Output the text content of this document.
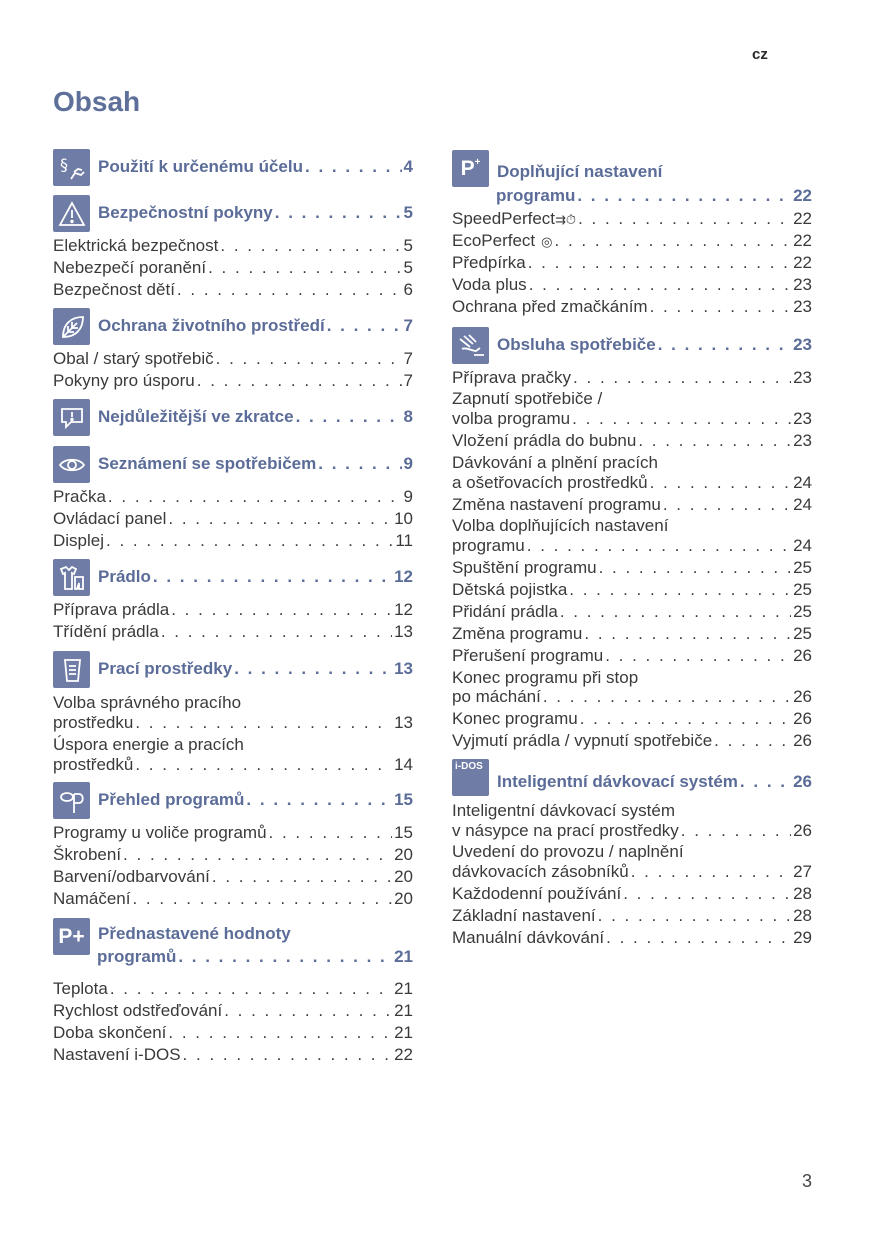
cz
Obsah
§ Použití k určenému účelu . . .	4
Bezpečnostní pokyny . . .	5
Elektrická bezpečnost . . .	5
Nebezpečí poranění . . .	5
Bezpečnost dětí . . .	6
Ochrana životního prostředí . . .	7
Obal / starý spotřebič . . .	7
Pokyny pro úsporu . . .	7
Nejdůležitější ve zkratce . . .	8
Seznámení se spotřebičem . . .	9
Pračka . . .	9
Ovládací panel . . .	10
Displej . . .	11
Prádlo . . .	12
Příprava prádla . . .	12
Třídění prádla . . .	13
Prací prostředky . . .	13
Volba správného pracího
prostředku . . .	13
Úspora energie a pracích
prostředků . . .	14
Přehled programů . . .	15
Programy u voliče programů . . .	15
Škrobení . . .	20
Barvení/odbarvování . . .	20
Namáčení . . .	20
P+ Přednastavené hodnoty
programů . . .	21
Teplota . . .	21
Rychlost odstřeďování . . .	21
Doba skončení . . .	21
Nastavení i-DOS . . .	22
P+ Doplňující nastavení
programu . . .	22
SpeedPerfect ⇉⏱ . . .	22
EcoPerfect ◎ . . .	22
Předpírka . . .	22
Voda plus . . .	23
Ochrana před zmačkáním . . .	23
Obsluha spotřebiče . . .	23
Příprava pračky . . .	23
Zapnutí spotřebiče /
volba programu . . .	23
Vložení prádla do bubnu . . .	23
Dávkování a plnění pracích
a ošetřovacích prostředků . . .	24
Změna nastavení programu . . .	24
Volba doplňujících nastavení
programu . . .	24
Spuštění programu . . .	25
Dětská pojistka . . .	25
Přidání prádla . . .	25
Změna programu . . .	25
Přerušení programu . . .	26
Konec programu při stop
po máchání . . .	26
Konec programu . . .	26
Vyjmutí prádla / vypnutí spotřebiče . . .	26
i-DOS
Inteligentní dávkovací systém . . .	26
Inteligentní dávkovací systém
v násypce na prací prostředky . . .	26
Uvedení do provozu / naplnění
dávkovacích zásobníků . . .	27
Každodenní používání . . .	28
Základní nastavení . . .	28
Manuální dávkování . . .	29
3
